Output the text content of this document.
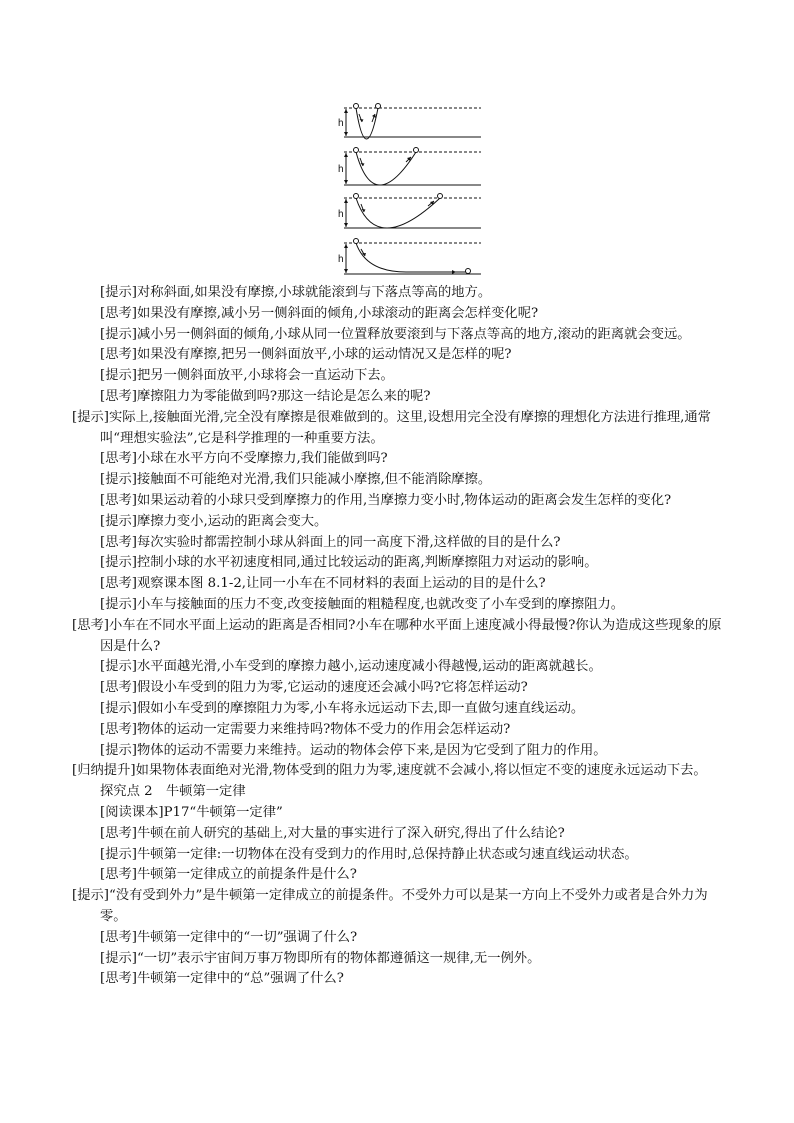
h
h
h
h

[提示]对称斜面,如果没有摩擦,小球就能滚到与下落点等高的地方。

[思考]如果没有摩擦,减小另一侧斜面的倾角,小球滚动的距离会怎样变化呢?

[提示]减小另一侧斜面的倾角,小球从同一位置释放要滚到与下落点等高的地方,滚动的距离就会变远。

[思考]如果没有摩擦,把另一侧斜面放平,小球的运动情况又是怎样的呢?

[提示]把另一侧斜面放平,小球将会一直运动下去。

[思考]摩擦阻力为零能做到吗?那这一结论是怎么来的呢?

[提示]实际上,接触面光滑,完全没有摩擦是很难做到的。这里,设想用完全没有摩擦的理想化方法进行推理,通常叫“理想实验法”,它是科学推理的一种重要方法。

[思考]小球在水平方向不受摩擦力,我们能做到吗?

[提示]接触面不可能绝对光滑,我们只能减小摩擦,但不能消除摩擦。

[思考]如果运动着的小球只受到摩擦力的作用,当摩擦力变小时,物体运动的距离会发生怎样的变化?

[提示]摩擦力变小,运动的距离会变大。

[思考]每次实验时都需控制小球从斜面上的同一高度下滑,这样做的目的是什么?

[提示]控制小球的水平初速度相同,通过比较运动的距离,判断摩擦阻力对运动的影响。

[思考]观察课本图 8.1-2,让同一小车在不同材料的表面上运动的目的是什么?

[提示]小车与接触面的压力不变,改变接触面的粗糙程度,也就改变了小车受到的摩擦阻力。

[思考]小车在不同水平面上运动的距离是否相同?小车在哪种水平面上速度减小得最慢?你认为造成这些现象的原因是什么?

[提示]水平面越光滑,小车受到的摩擦力越小,运动速度减小得越慢,运动的距离就越长。

[思考]假设小车受到的阻力为零,它运动的速度还会减小吗?它将怎样运动?

[提示]假如小车受到的摩擦阻力为零,小车将永远运动下去,即一直做匀速直线运动。

[思考]物体的运动一定需要力来维持吗?物体不受力的作用会怎样运动?

[提示]物体的运动不需要力来维持。运动的物体会停下来,是因为它受到了阻力的作用。

[归纳提升]如果物体表面绝对光滑,物体受到的阻力为零,速度就不会减小,将以恒定不变的速度永远运动下去。

探究点 2　牛顿第一定律

[阅读课本]P17“牛顿第一定律”

[思考]牛顿在前人研究的基础上,对大量的事实进行了深入研究,得出了什么结论?

[提示]牛顿第一定律:一切物体在没有受到力的作用时,总保持静止状态或匀速直线运动状态。

[思考]牛顿第一定律成立的前提条件是什么?

[提示]“没有受到外力”是牛顿第一定律成立的前提条件。不受外力可以是某一方向上不受外力或者是合外力为零。

[思考]牛顿第一定律中的“一切”强调了什么?

[提示]“一切”表示宇宙间万事万物即所有的物体都遵循这一规律,无一例外。

[思考]牛顿第一定律中的“总”强调了什么?
